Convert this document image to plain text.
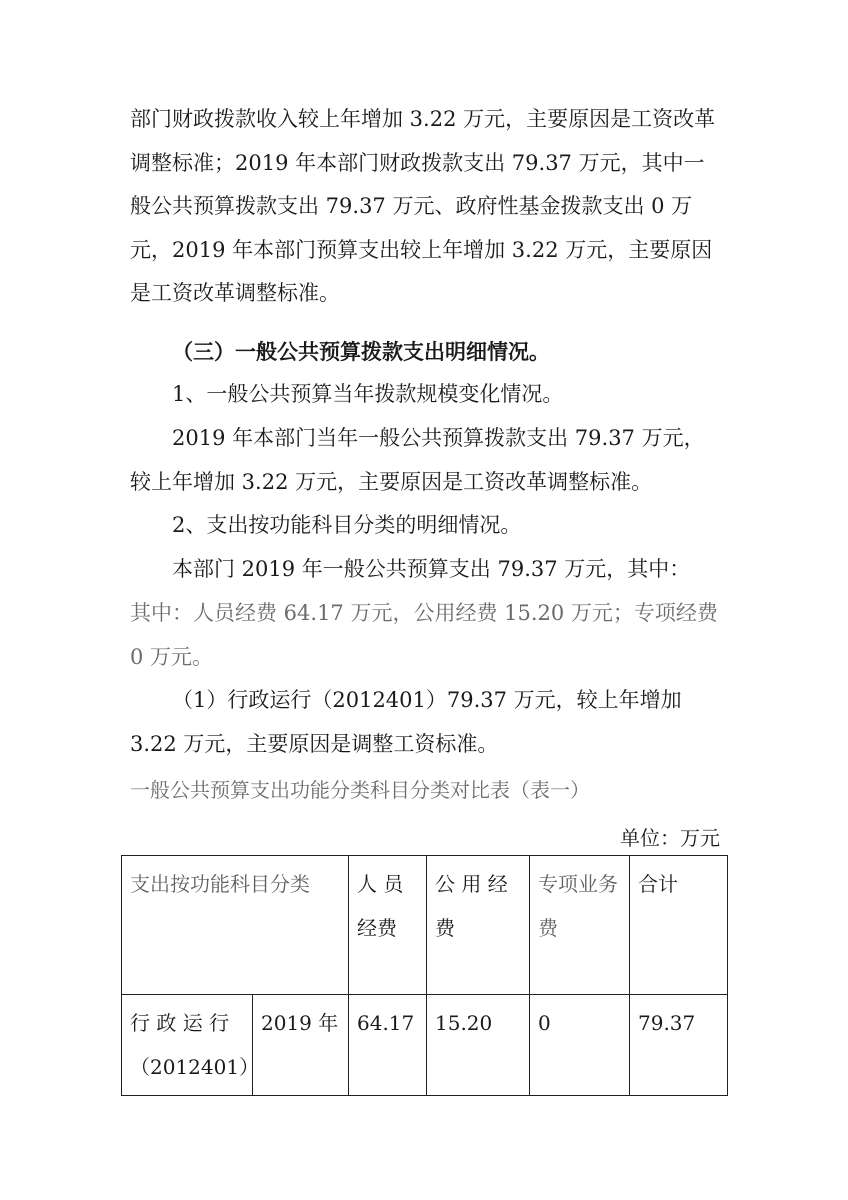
部门财政拨款收入较上年增加 3.22 万元，主要原因是工资改革调整标准；2019 年本部门财政拨款支出 79.37 万元，其中一般公共预算拨款支出 79.37 万元、政府性基金拨款支出 0 万元，2019 年本部门预算支出较上年增加 3.22 万元，主要原因是工资改革调整标准。

（三）一般公共预算拨款支出明细情况。

1、一般公共预算当年拨款规模变化情况。

2019 年本部门当年一般公共预算拨款支出 79.37 万元，较上年增加 3.22 万元，主要原因是工资改革调整标准。

2、支出按功能科目分类的明细情况。

本部门 2019 年一般公共预算支出 79.37 万元，其中：

其中：人员经费 64.17 万元，公用经费 15.20 万元；专项经费 0 万元。

（1）行政运行（2012401）79.37 万元，较上年增加 3.22 万元，主要原因是调整工资标准。

一般公共预算支出功能分类科目分类对比表（表一）
单位：万元
支出按功能科目分类		人 员 经费	公 用 经 费	专项业务费	合计
行 政 运 行（2012401）	2019 年	64.17	15.20	0	79.37
